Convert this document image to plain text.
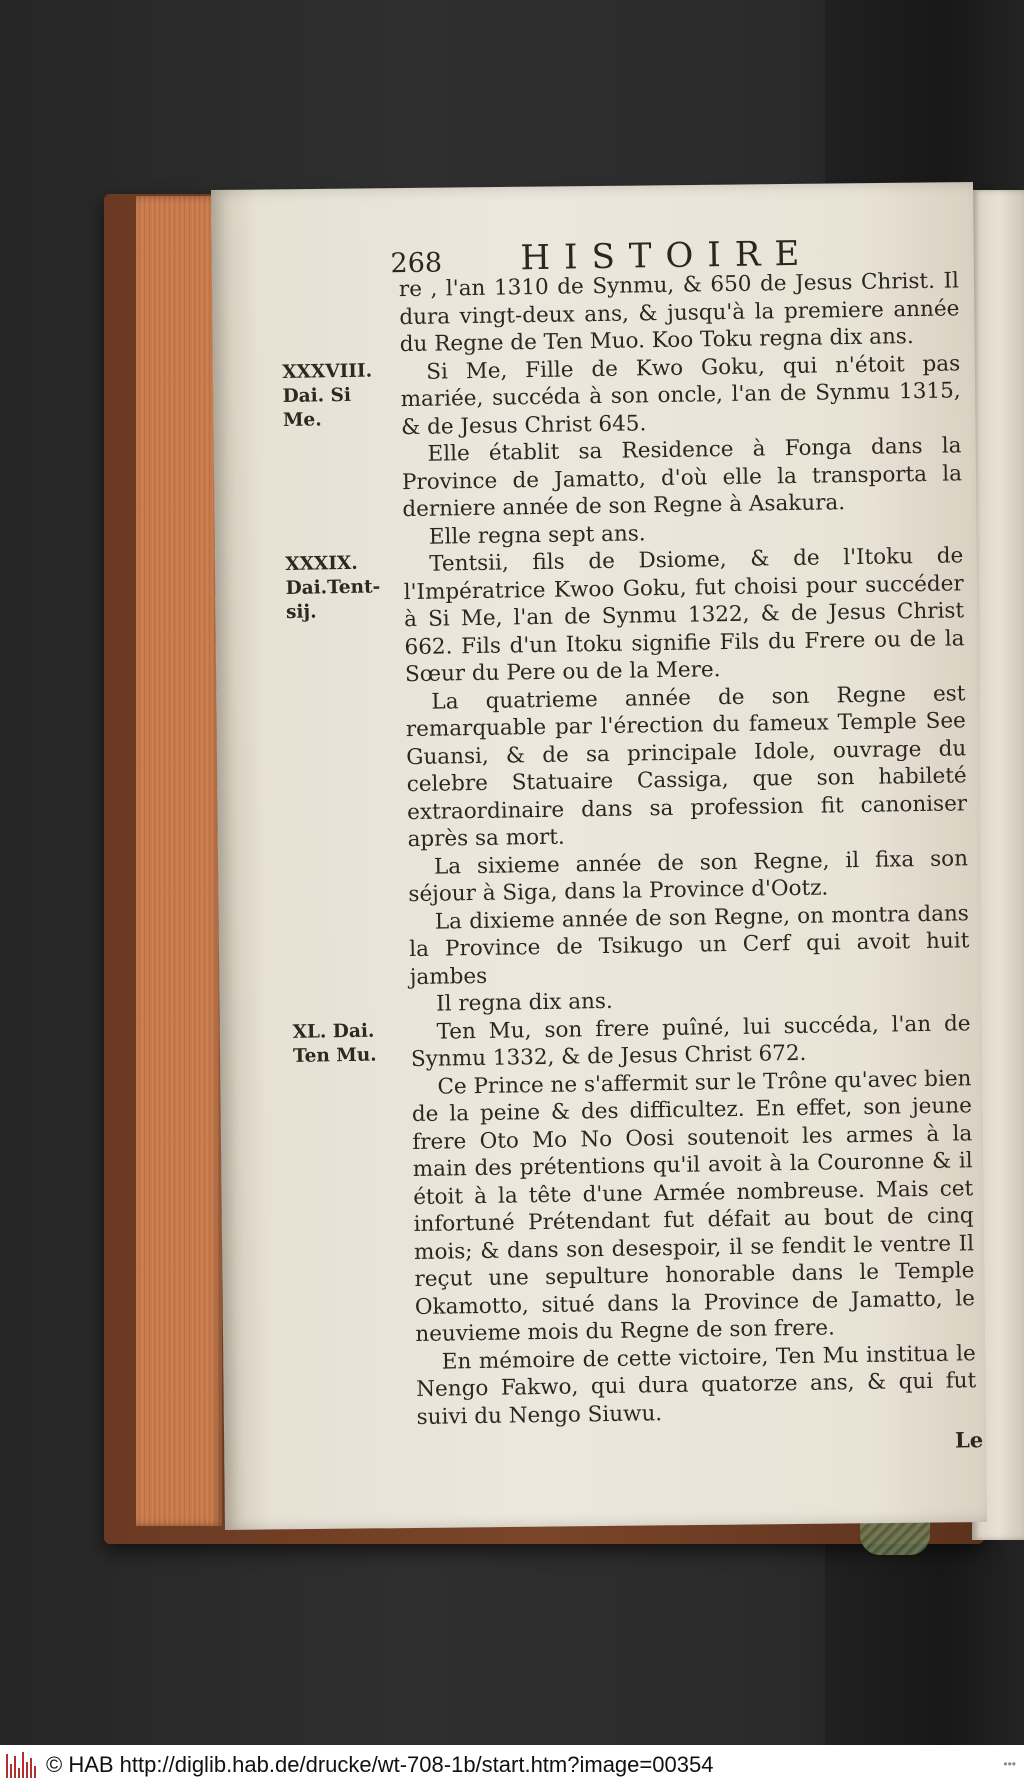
268 HISTOIRE

re , l'an 1310 de Synmu, & 650 de Jesus Christ. Il dura vingt-deux ans, & jusqu'à la premiere année du Regne de Ten Muo. Koo Toku regna dix ans.

XXXVIII. Dai. Si Me.

Si Me, Fille de Kwo Goku, qui n'étoit pas mariée, succéda à son oncle, l'an de Synmu 1315, & de Jesus Christ 645.

Elle établit sa Residence à Fonga dans la Province de Jamatto, d'où elle la transporta la derniere année de son Regne à Asakura.

Elle regna sept ans.

XXXIX. Dai.Tent-sij.

Tentsii, fils de Dsiome, & de l'Itoku de l'Impératrice Kwoo Goku, fut choisi pour succéder à Si Me, l'an de Synmu 1322, & de Jesus Christ 662. Fils d'un Itoku signifie Fils du Frere ou de la Sœur du Pere ou de la Mere.

La quatrieme année de son Regne est remarquable par l'érection du fameux Temple See Guansi, & de sa principale Idole, ouvrage du celebre Statuaire Cassiga, que son habileté extraordinaire dans sa profession fit canoniser après sa mort.

La sixieme année de son Regne, il fixa son séjour à Siga, dans la Province d'Ootz.

La dixieme année de son Regne, on montra dans la Province de Tsikugo un Cerf qui avoit huit jambes

Il regna dix ans.

XL. Dai. Ten Mu.

Ten Mu, son frere puîné, lui succéda, l'an de Synmu 1332, & de Jesus Christ 672.

Ce Prince ne s'affermit sur le Trône qu'avec bien de la peine & des difficultez. En effet, son jeune frere Oto Mo No Oosi soutenoit les armes à la main des prétentions qu'il avoit à la Couronne & il étoit à la tête d'une Armée nombreuse. Mais cet infortuné Prétendant fut défait au bout de cinq mois; & dans son desespoir, il se fendit le ventre Il reçut une sepulture honorable dans le Temple Okamotto, situé dans la Province de Jamatto, le neuvieme mois du Regne de son frere.

En mémoire de cette victoire, Ten Mu institua le Nengo Fakwo, qui dura quatorze ans, & qui fut suivi du Nengo Siuwu.

Le
© HAB http://diglib.hab.de/drucke/wt-708-1b/start.htm?image=00354	•••
